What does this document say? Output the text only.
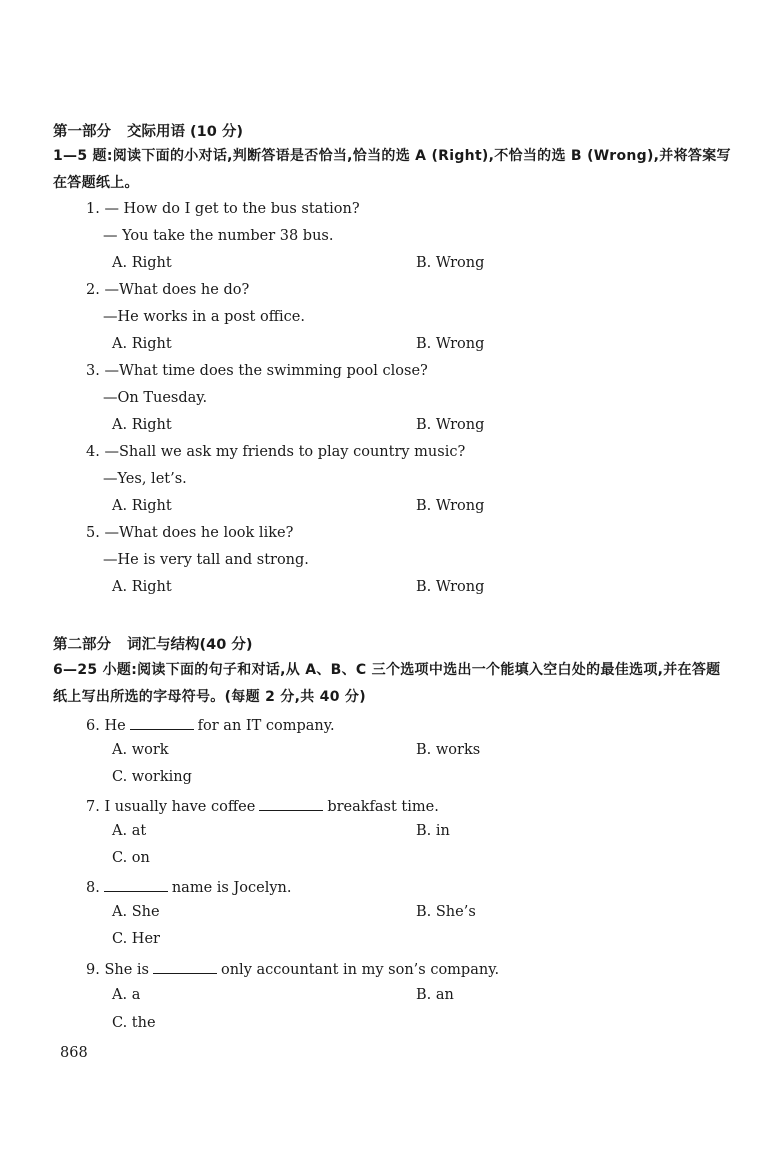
第一部分 交际用语 (10 分)
1—5 题:阅读下面的小对话,判断答语是否恰当,恰当的选 A (Right),不恰当的选 B (Wrong),并将答案写在答题纸上。
1. — How do I get to the bus station?
— You take the number 38 bus.
A. Right	B. Wrong
2. —What does he do?
—He works in a post office.
A. Right	B. Wrong
3. —What time does the swimming pool close?
—On Tuesday.
A. Right	B. Wrong
4. —Shall we ask my friends to play country music?
—Yes, let’s.
A. Right	B. Wrong
5. —What does he look like?
—He is very tall and strong.
A. Right	B. Wrong
第二部分 词汇与结构(40 分)
6—25 小题:阅读下面的句子和对话,从 A、B、C 三个选项中选出一个能填入空白处的最佳选项,并在答题纸上写出所选的字母符号。(每题 2 分,共 40 分)
6. He	for an IT company.
A. work	B. works
C. working
7. I usually have coffee	breakfast time.
A. at	B. in
C. on
8.	name is Jocelyn.
A. She	B. She’s
C. Her
9. She is	only accountant in my son’s company.
A. a	B. an
C. the
868
